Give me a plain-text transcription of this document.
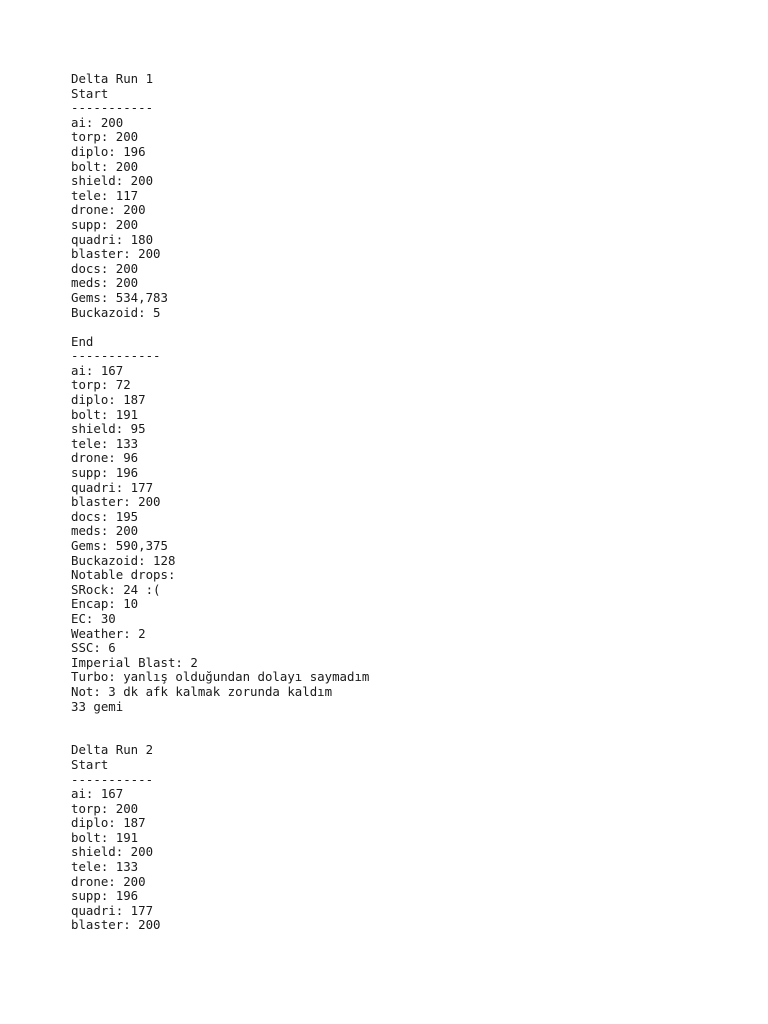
Delta Run 1
Start
-----------
ai: 200
torp: 200
diplo: 196
bolt: 200
shield: 200
tele: 117
drone: 200
supp: 200
quadri: 180
blaster: 200
docs: 200
meds: 200
Gems: 534,783
Buckazoid: 5
End
------------
ai: 167
torp: 72
diplo: 187
bolt: 191
shield: 95
tele: 133
drone: 96
supp: 196
quadri: 177
blaster: 200
docs: 195
meds: 200
Gems: 590,375
Buckazoid: 128
Notable drops:
SRock: 24 :(
Encap: 10
EC: 30
Weather: 2
SSC: 6
Imperial Blast: 2
Turbo: yanlış olduğundan dolayı saymadım
Not: 3 dk afk kalmak zorunda kaldım
33 gemi
Delta Run 2
Start
-----------
ai: 167
torp: 200
diplo: 187
bolt: 191
shield: 200
tele: 133
drone: 200
supp: 196
quadri: 177
blaster: 200
